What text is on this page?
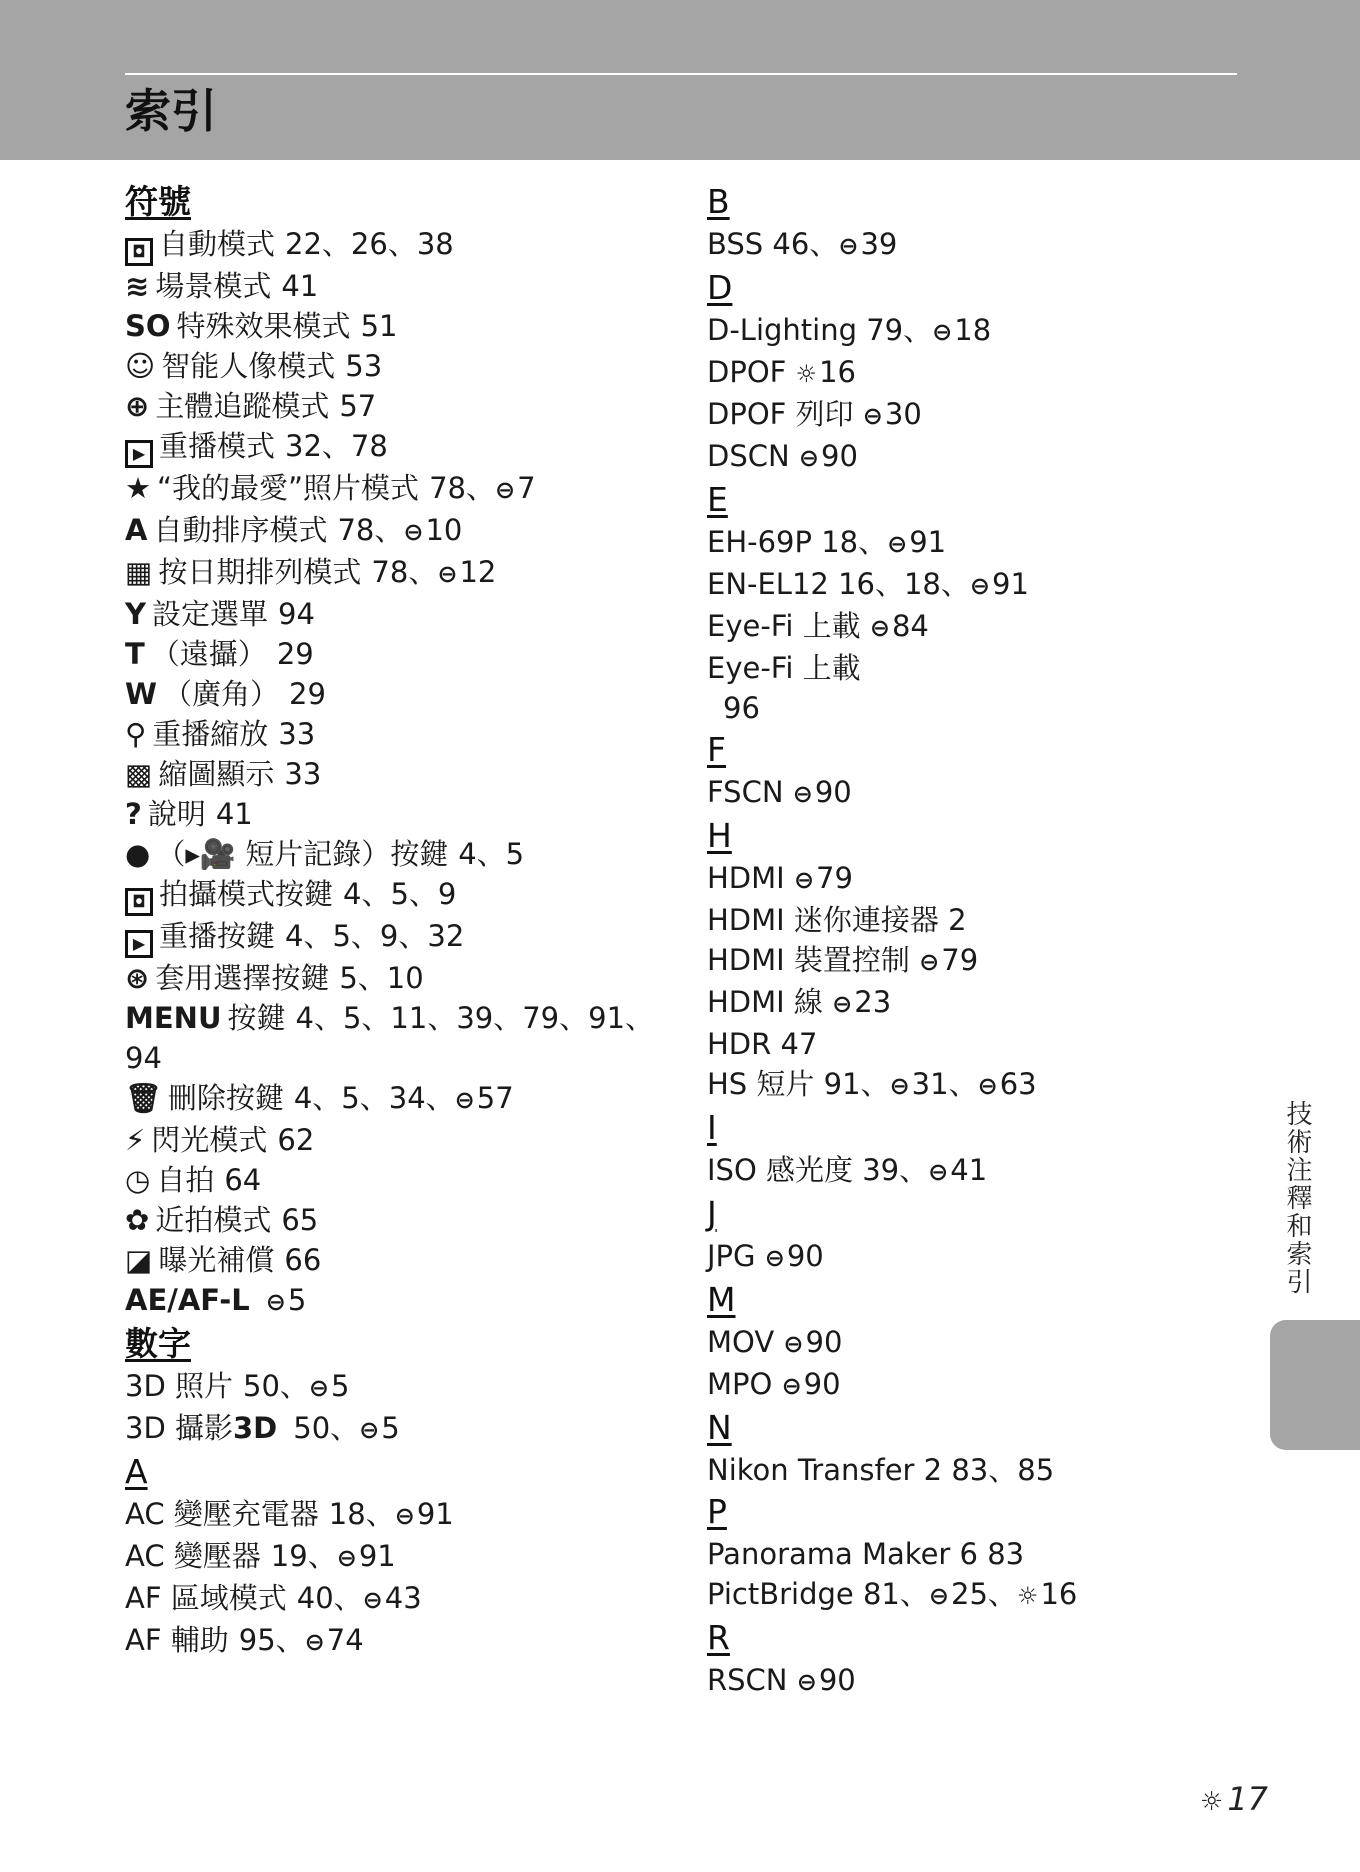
索引
符號
◘ 自動模式 22、26、38
≋ 場景模式 41
SO 特殊效果模式 51
☺ 智能人像模式 53
⊕ 主體追蹤模式 57
▶ 重播模式 32、78
★ “我的最愛”照片模式 78、⊖7
A 自動排序模式 78、⊖10
▦ 按日期排列模式 78、⊖12
Y 設定選單 94
T （遠攝） 29
W （廣角） 29
⚲ 重播縮放 33
▩ 縮圖顯示 33
? 說明 41
● （▸🎥 短片記錄）按鍵 4、5
◘ 拍攝模式按鍵 4、5、9
▶ 重播按鍵 4、5、9、32
⊛ 套用選擇按鍵 5、10
MENU 按鍵 4、5、11、39、79、91、
94
🗑 刪除按鍵 4、5、34、⊖57
⚡ 閃光模式 62
◷ 自拍 64
✿ 近拍模式 65
◪ 曝光補償 66
AE/AF-L ⊖5
數字
3D 照片 50、⊖5
3D 攝影3D 50、⊖5
A
AC 變壓充電器 18、⊖91
AC 變壓器 19、⊖91
AF 區域模式 40、⊖43
AF 輔助 95、⊖74
B
BSS 46、⊖39
D
D-Lighting 79、⊖18
DPOF ☼16
DPOF 列印 ⊖30
DSCN ⊖90
E
EH-69P 18、⊖91
EN-EL12 16、18、⊖91
Eye-Fi 上載 ⊖84
Eye-Fi 上載
96
F
FSCN ⊖90
H
HDMI ⊖79
HDMI 迷你連接器 2
HDMI 裝置控制 ⊖79
HDMI 線 ⊖23
HDR 47
HS 短片 91、⊖31、⊖63
I
ISO 感光度 39、⊖41
J
JPG ⊖90
M
MOV ⊖90
MPO ⊖90
N
Nikon Transfer 2 83、85
P
Panorama Maker 6 83
PictBridge 81、⊖25、☼16
R
RSCN ⊖90
技術注釋和索引
☼ 17
